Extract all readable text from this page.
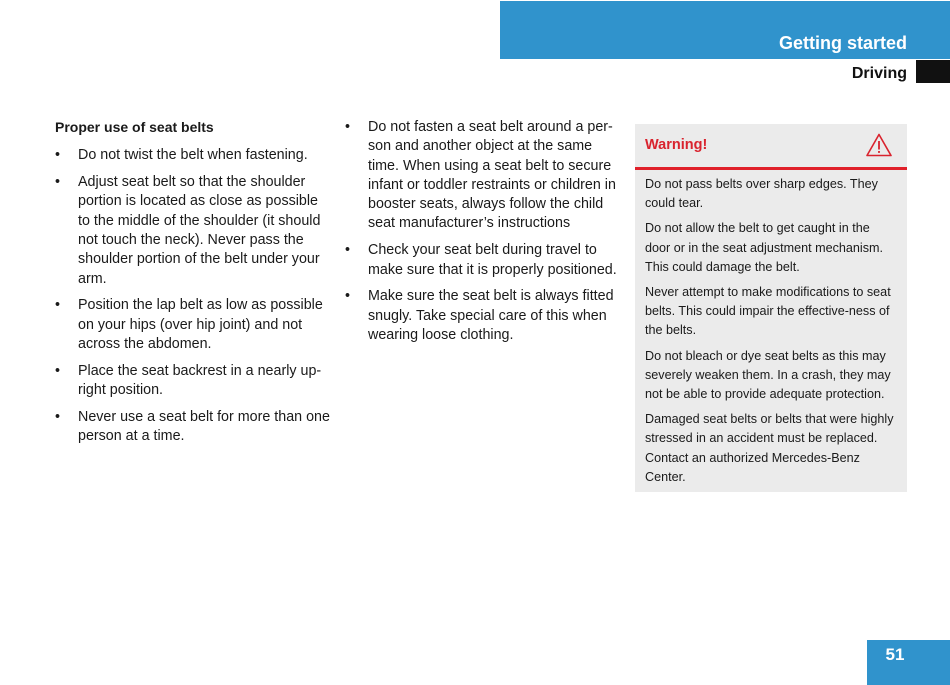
Getting started
Driving
Proper use of seat belts
• Do not twist the belt when fastening.
• Adjust seat belt so that the shoulder portion is located as close as possible to the middle of the shoulder (it should not touch the neck). Never pass the shoulder portion of the belt under your arm.
• Position the lap belt as low as possible on your hips (over hip joint) and not across the abdomen.
• Place the seat backrest in a nearly up-right position.
• Never use a seat belt for more than one person at a time.
• Do not fasten a seat belt around a per-son and another object at the same time. When using a seat belt to secure infant or toddler restraints or children in booster seats, always follow the child seat manufacturer’s instructions
• Check your seat belt during travel to make sure that it is properly positioned.
• Make sure the seat belt is always fitted snugly. Take special care of this when wearing loose clothing.
Warning!

Do not pass belts over sharp edges. They could tear.

Do not allow the belt to get caught in the door or in the seat adjustment mechanism. This could damage the belt.

Never attempt to make modifications to seat belts. This could impair the effective-ness of the belts.

Do not bleach or dye seat belts as this may severely weaken them. In a crash, they may not be able to provide adequate protection.

Damaged seat belts or belts that were highly stressed in an accident must be replaced. Contact an authorized Mercedes-Benz Center.

51
